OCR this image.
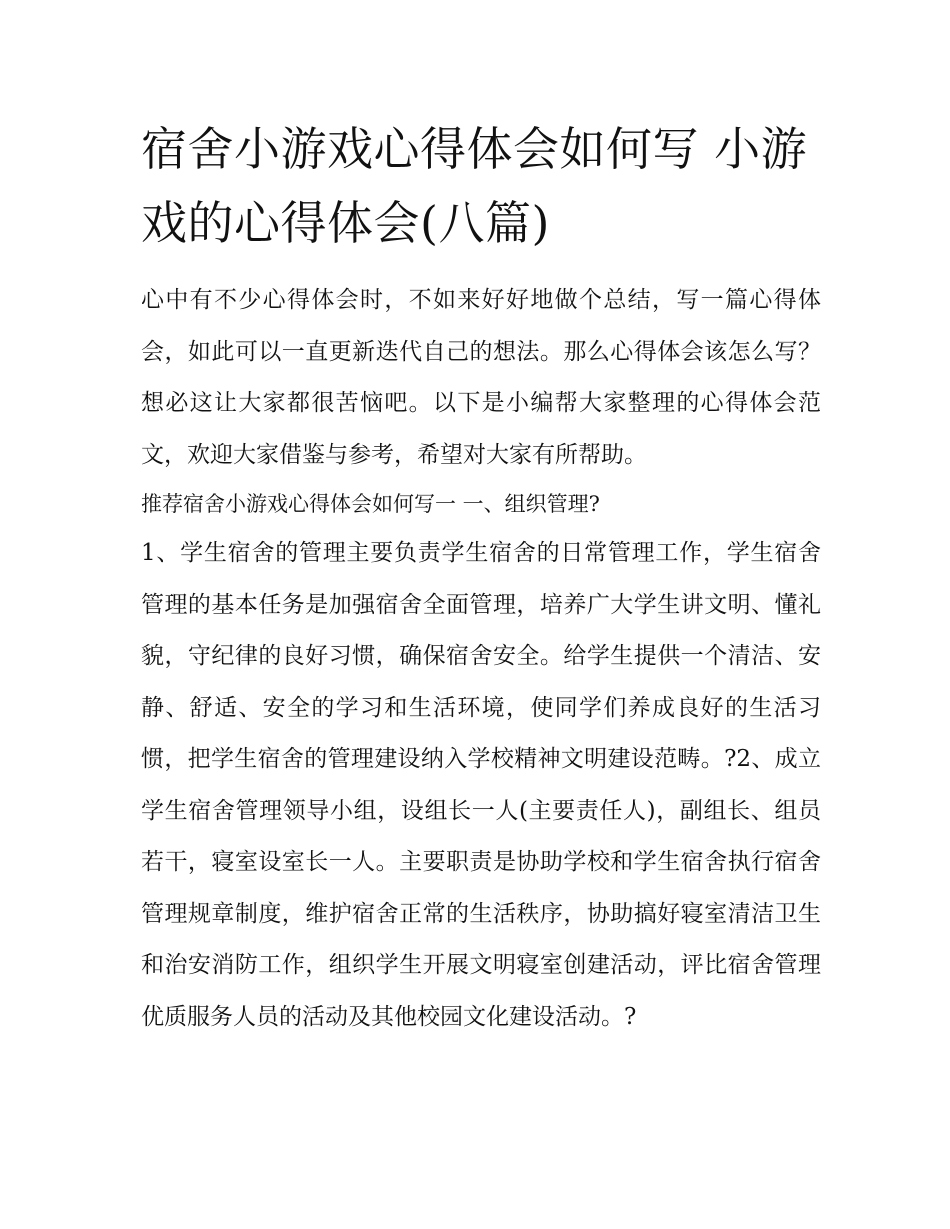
宿舍小游戏心得体会如何写 小游戏的心得体会(八篇)

心中有不少心得体会时，不如来好好地做个总结，写一篇心得体会，如此可以一直更新迭代自己的想法。那么心得体会该怎么写？想必这让大家都很苦恼吧。以下是小编帮大家整理的心得体会范文，欢迎大家借鉴与参考，希望对大家有所帮助。

推荐宿舍小游戏心得体会如何写一 一、组织管理?

1、学生宿舍的管理主要负责学生宿舍的日常管理工作，学生宿舍管理的基本任务是加强宿舍全面管理，培养广大学生讲文明、懂礼貌，守纪律的良好习惯，确保宿舍安全。给学生提供一个清洁、安静、舒适、安全的学习和生活环境，使同学们养成良好的生活习惯，把学生宿舍的管理建设纳入学校精神文明建设范畴。?2、成立学生宿舍管理领导小组，设组长一人(主要责任人)，副组长、组员若干，寝室设室长一人。主要职责是协助学校和学生宿舍执行宿舍管理规章制度，维护宿舍正常的生活秩序，协助搞好寝室清洁卫生和治安消防工作，组织学生开展文明寝室创建活动，评比宿舍管理优质服务人员的活动及其他校园文化建设活动。?
